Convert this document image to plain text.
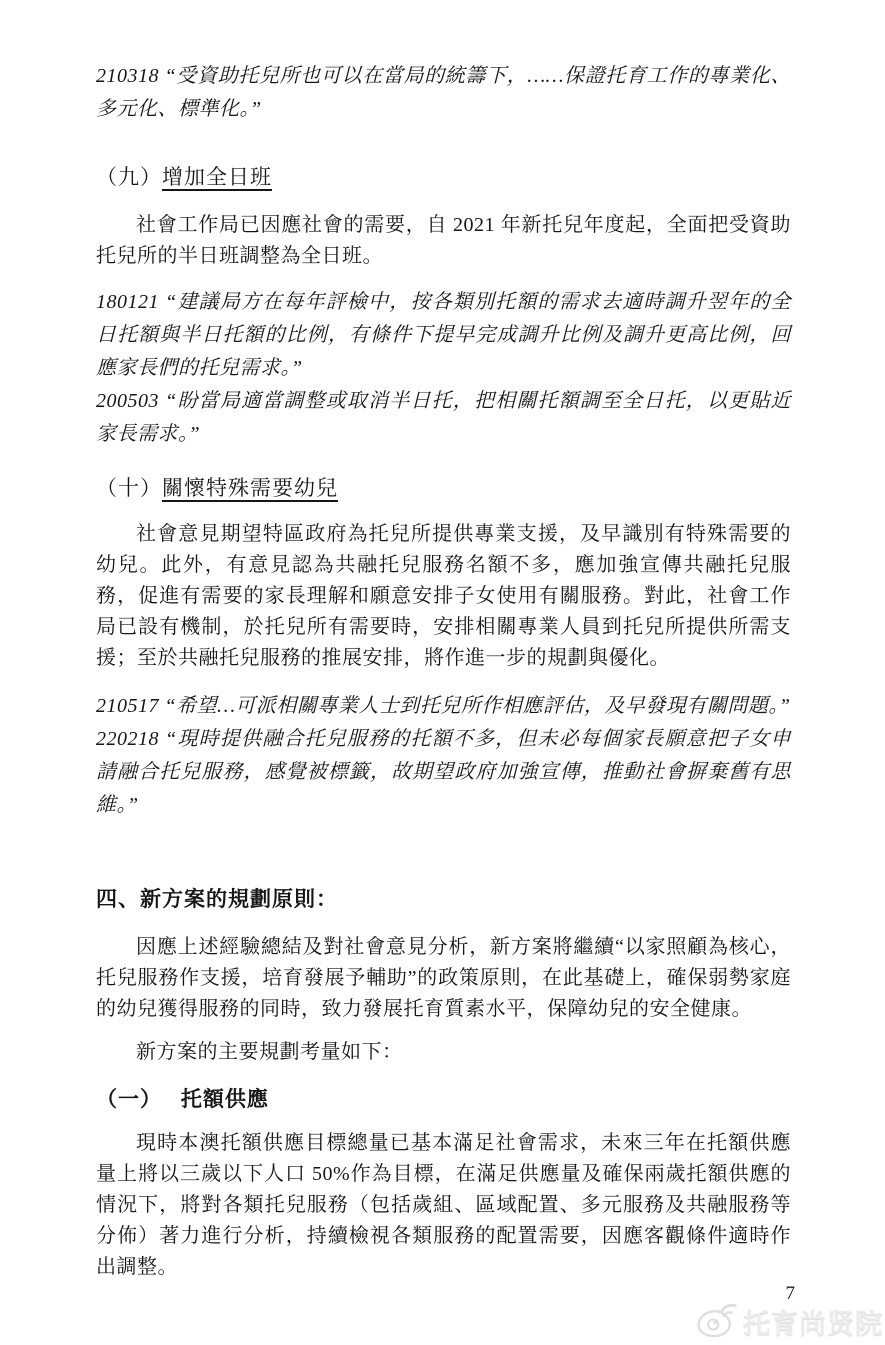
210318 “受資助托兒所也可以在當局的統籌下，……保證托育工作的專業化、多元化、標準化。”

（九）增加全日班

社會工作局已因應社會的需要，自 2021 年新托兒年度起，全面把受資助托兒所的半日班調整為全日班。

180121 “建議局方在每年評檢中，按各類別托額的需求去適時調升翌年的全日托額與半日托額的比例，有條件下提早完成調升比例及調升更高比例，回應家長們的托兒需求。”

200503 “盼當局適當調整或取消半日托，把相關托額調至全日托，以更貼近家長需求。”

（十）關懷特殊需要幼兒

社會意見期望特區政府為托兒所提供專業支援，及早識別有特殊需要的幼兒。此外，有意見認為共融托兒服務名額不多，應加強宣傳共融托兒服務，促進有需要的家長理解和願意安排子女使用有關服務。對此，社會工作局已設有機制，於托兒所有需要時，安排相關專業人員到托兒所提供所需支援；至於共融托兒服務的推展安排，將作進一步的規劃與優化。

210517 “希望…可派相關專業人士到托兒所作相應評估，及早發現有關問題。”

220218 “現時提供融合托兒服務的托額不多，但未必每個家長願意把子女申請融合托兒服務，感覺被標籤，故期望政府加強宣傳，推動社會摒棄舊有思維。”

四、新方案的規劃原則：

因應上述經驗總結及對社會意見分析，新方案將繼續“以家照顧為核心，托兒服務作支援，培育發展予輔助”的政策原則，在此基礎上，確保弱勢家庭的幼兒獲得服務的同時，致力發展托育質素水平，保障幼兒的安全健康。

新方案的主要規劃考量如下：

（一） 托額供應

現時本澳托額供應目標總量已基本滿足社會需求，未來三年在托額供應量上將以三歲以下人口 50%作為目標，在滿足供應量及確保兩歲托額供應的情況下，將對各類托兒服務（包括歲組、區域配置、多元服務及共融服務等分佈）著力進行分析，持續檢視各類服務的配置需要，因應客觀條件適時作出調整。

7
托育尚贤院
